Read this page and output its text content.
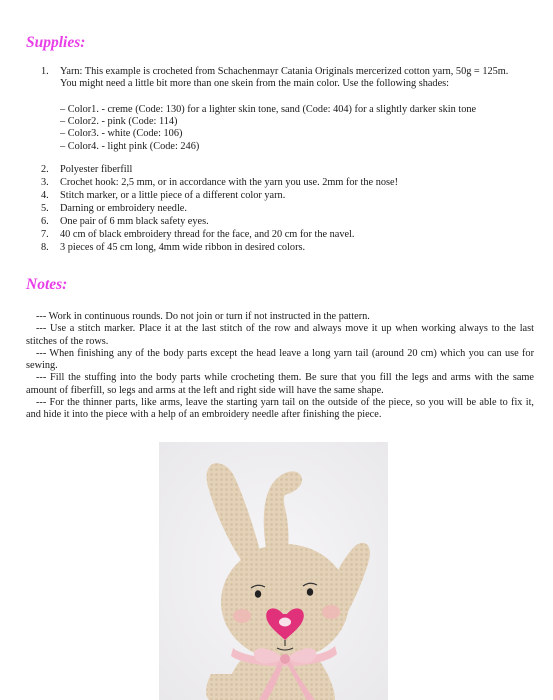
Supplies:
1. Yarn: This example is crocheted from Schachenmayr Catania Originals mercerized cotton yarn, 50g = 125m. You might need a little bit more than one skein from the main color. Use the following shades:
– Color1. - creme (Code: 130) for a lighter skin tone, sand (Code: 404) for a slightly darker skin tone
– Color2. - pink (Code: 114)
– Color3. - white (Code: 106)
– Color4. - light pink (Code: 246)
2. Polyester fiberfill
3. Crochet hook: 2,5 mm, or in accordance with the yarn you use. 2mm for the nose!
4. Stitch marker, or a little piece of a different color yarn.
5. Darning or embroidery needle.
6. One pair of 6 mm black safety eyes.
7. 40 cm of black embroidery thread for the face, and 20 cm for the navel.
8. 3 pieces of 45 cm long, 4mm wide ribbon in desired colors.
Notes:

--- Work in continuous rounds. Do not join or turn if not instructed in the pattern.

--- Use a stitch marker. Place it at the last stitch of the row and always move it up when working always to the last stitches of the rows.

--- When finishing any of the body parts except the head leave a long yarn tail (around 20 cm) which you can use for sewing.

--- Fill the stuffing into the body parts while crocheting them. Be sure that you fill the legs and arms with the same amount of fiberfill, so legs and arms at the left and right side will have the same shape.

--- For the thinner parts, like arms, leave the starting yarn tail on the outside of the piece, so you will be able to fix it, and hide it into the piece with a help of an embroidery needle after finishing the piece.
